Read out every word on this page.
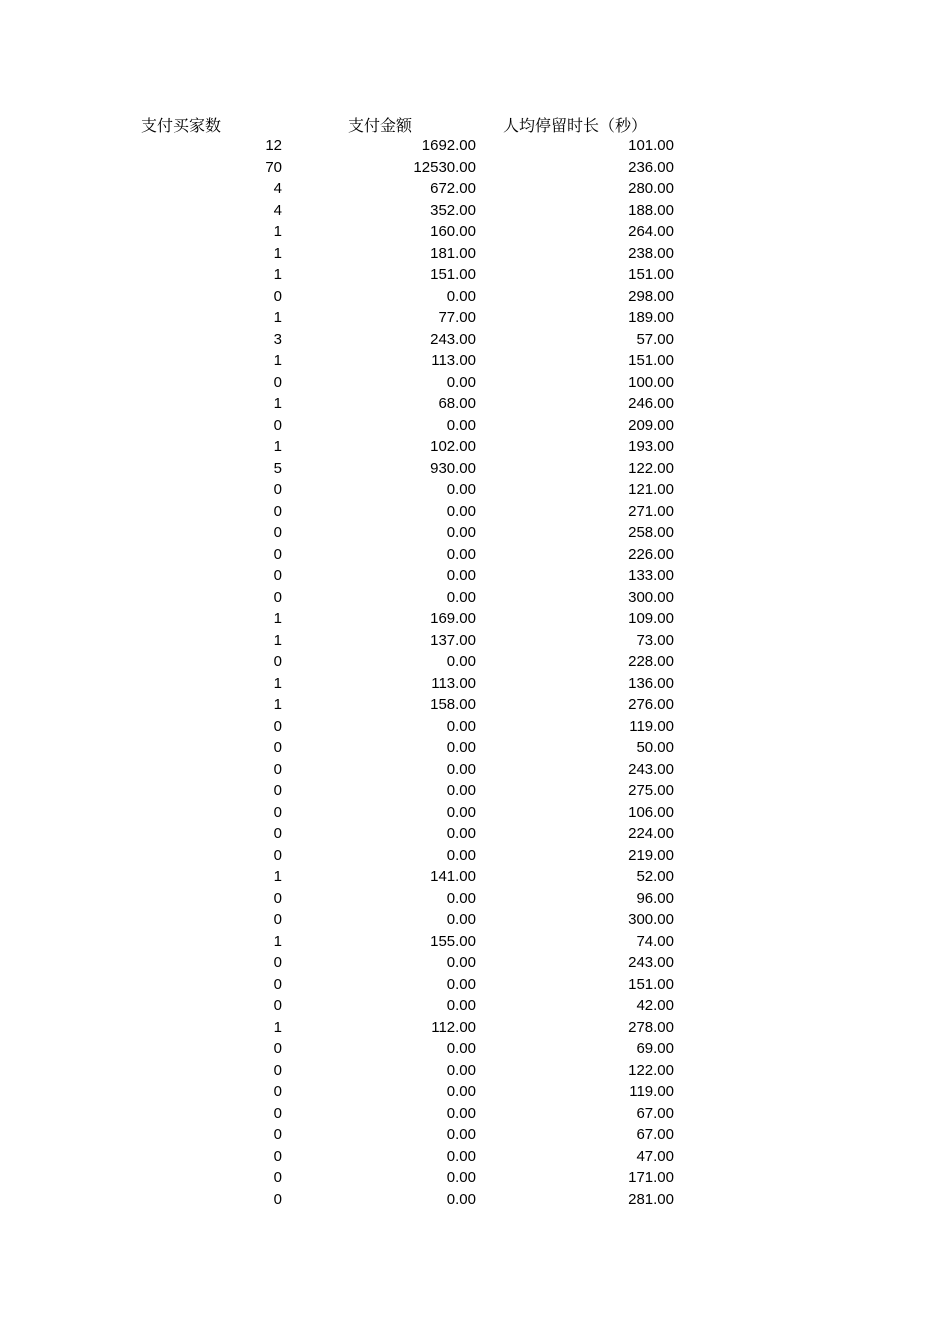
支付买家数	支付金额	人均停留时长（秒）
12	1692.00	101.00
70	12530.00	236.00
4	672.00	280.00
4	352.00	188.00
1	160.00	264.00
1	181.00	238.00
1	151.00	151.00
0	0.00	298.00
1	77.00	189.00
3	243.00	57.00
1	113.00	151.00
0	0.00	100.00
1	68.00	246.00
0	0.00	209.00
1	102.00	193.00
5	930.00	122.00
0	0.00	121.00
0	0.00	271.00
0	0.00	258.00
0	0.00	226.00
0	0.00	133.00
0	0.00	300.00
1	169.00	109.00
1	137.00	73.00
0	0.00	228.00
1	113.00	136.00
1	158.00	276.00
0	0.00	119.00
0	0.00	50.00
0	0.00	243.00
0	0.00	275.00
0	0.00	106.00
0	0.00	224.00
0	0.00	219.00
1	141.00	52.00
0	0.00	96.00
0	0.00	300.00
1	155.00	74.00
0	0.00	243.00
0	0.00	151.00
0	0.00	42.00
1	112.00	278.00
0	0.00	69.00
0	0.00	122.00
0	0.00	119.00
0	0.00	67.00
0	0.00	67.00
0	0.00	47.00
0	0.00	171.00
0	0.00	281.00
